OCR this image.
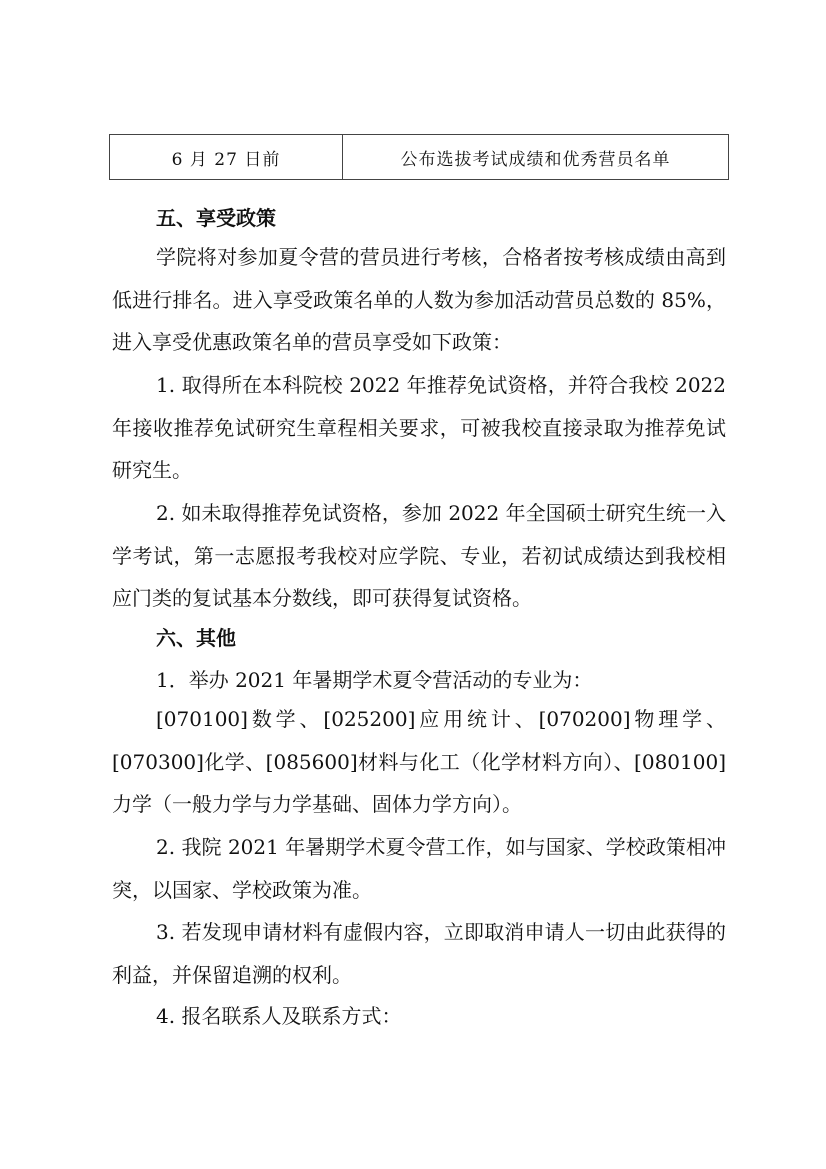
6 月 27 日前	公布选拔考试成绩和优秀营员名单
五、享受政策
学院将对参加夏令营的营员进行考核，合格者按考核成绩由高到低进行排名。进入享受政策名单的人数为参加活动营员总数的 85%，进入享受优惠政策名单的营员享受如下政策：
1. 取得所在本科院校 2022 年推荐免试资格，并符合我校 2022 年接收推荐免试研究生章程相关要求，可被我校直接录取为推荐免试研究生。
2. 如未取得推荐免试资格，参加 2022 年全国硕士研究生统一入学考试，第一志愿报考我校对应学院、专业，若初试成绩达到我校相应门类的复试基本分数线，即可获得复试资格。
六、其他
1．举办 2021 年暑期学术夏令营活动的专业为：
[070100]数学、[025200]应用统计、[070200]物理学、[070300]化学、[085600]材料与化工（化学材料方向）、[080100]力学（一般力学与力学基础、固体力学方向）。
2. 我院 2021 年暑期学术夏令营工作，如与国家、学校政策相冲突，以国家、学校政策为准。
3. 若发现申请材料有虚假内容，立即取消申请人一切由此获得的利益，并保留追溯的权利。
4. 报名联系人及联系方式：
